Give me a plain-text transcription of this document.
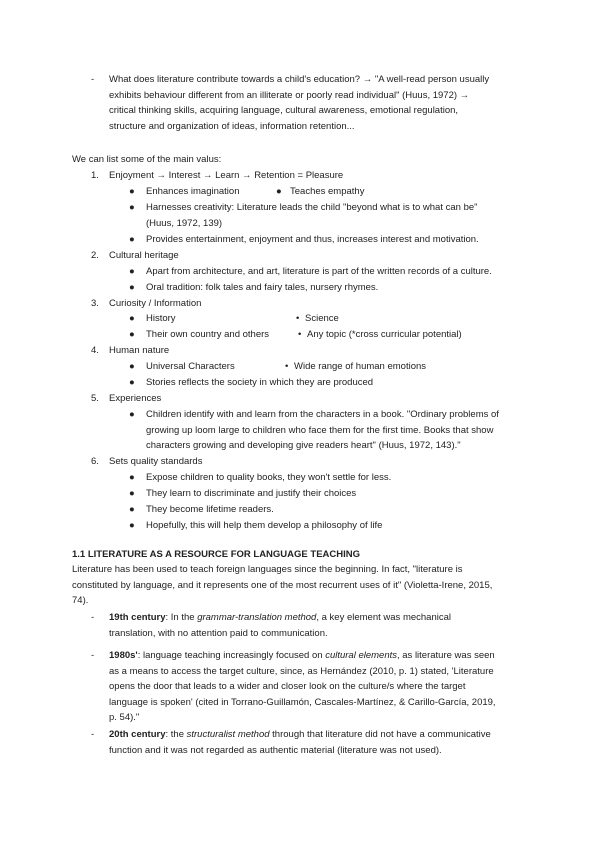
- What does literature contribute towards a child's education? → "A well-read person usually
exhibits behaviour different from an illiterate or poorly read individual" (Huus, 1972) →
critical thinking skills, acquiring language, cultural awareness, emotional regulation,
structure and organization of ideas, information retention...
We can list some of the main valus:
1. Enjoyment → Interest → Learn → Retention = Pleasure
● Enhances imagination	● Teaches empathy
● Harnesses creativity: Literature leads the child "beyond what is to what can be"
(Huus, 1972, 139)
● Provides entertainment, enjoyment and thus, increases interest and motivation.
2. Cultural heritage
● Apart from architecture, and art, literature is part of the written records of a culture.
● Oral tradition: folk tales and fairy tales, nursery rhymes.
3. Curiosity / Information
● History	• Science
● Their own country and others	• Any topic (*cross curricular potential)
4. Human nature
● Universal Characters	• Wide range of human emotions
● Stories reflects the society in which they are produced
5. Experiences
● Children identify with and learn from the characters in a book. "Ordinary problems of
growing up loom large to children who face them for the first time. Books that show
characters growing and developing give readers heart" (Huus, 1972, 143)."
6. Sets quality standards
● Expose children to quality books, they won't settle for less.
● They learn to discriminate and justify their choices
● They become lifetime readers.
● Hopefully, this will help them develop a philosophy of life
1.1 LITERATURE AS A RESOURCE FOR LANGUAGE TEACHING
Literature has been used to teach foreign languages since the beginning. In fact, "literature is
constituted by language, and it represents one of the most recurrent uses of it" (Violetta-Irene, 2015,
74).
- 19th century: In the grammar-translation method, a key element was mechanical
translation, with no attention paid to communication.
- 1980s': language teaching increasingly focused on cultural elements, as literature was seen
as a means to access the target culture, since, as Hernández (2010, p. 1) stated, 'Literature
opens the door that leads to a wider and closer look on the culture/s where the target
language is spoken' (cited in Torrano-Guillamón, Cascales-Martínez, & Carillo-García, 2019,
p. 54)."
- 20th century: the structuralist method through that literature did not have a communicative
function and it was not regarded as authentic material (literature was not used).
